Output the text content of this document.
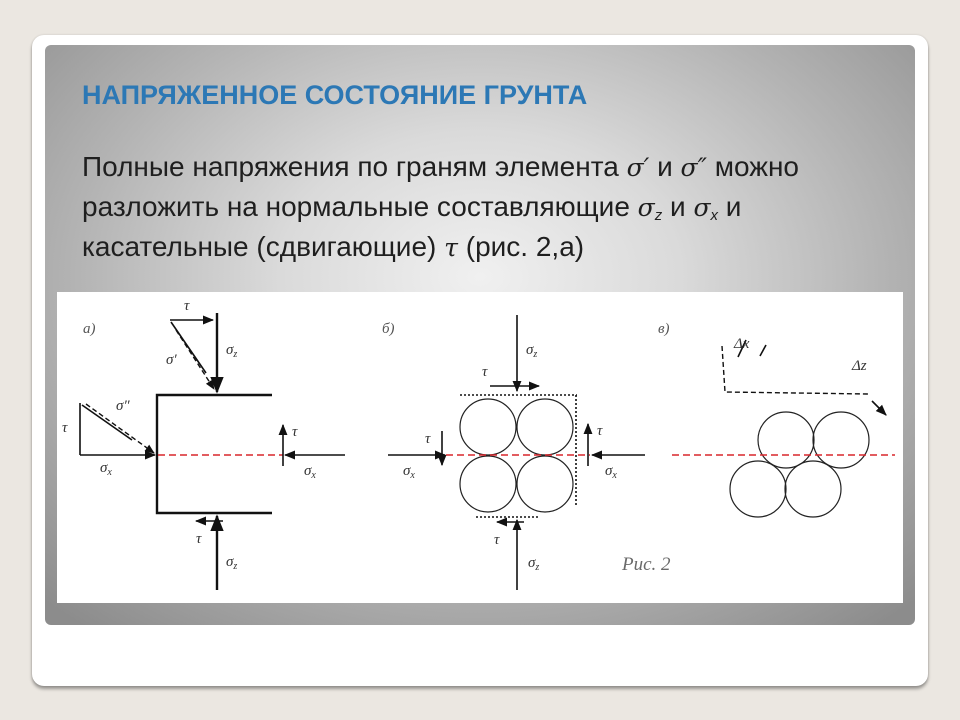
НАПРЯЖЕННОЕ СОСТОЯНИЕ ГРУНТА
Полные напряжения по граням элемента σ′ и σ″ можно
разложить на нормальные составляющие $\sigma_z$ и $\sigma_x$ и
касательные (сдвигающие) τ (рис. 2,а)
а)
τ
$\sigma_z$
σ′
τ
σ″
$\sigma_x$	$\sigma_x$
τ
τ
$\sigma_z$
б)
$\sigma_z$
τ
$\sigma_x$
τ
$\sigma_x$
τ
τ
$\sigma_z$
в)
Δx
Δz
Рис. 2
